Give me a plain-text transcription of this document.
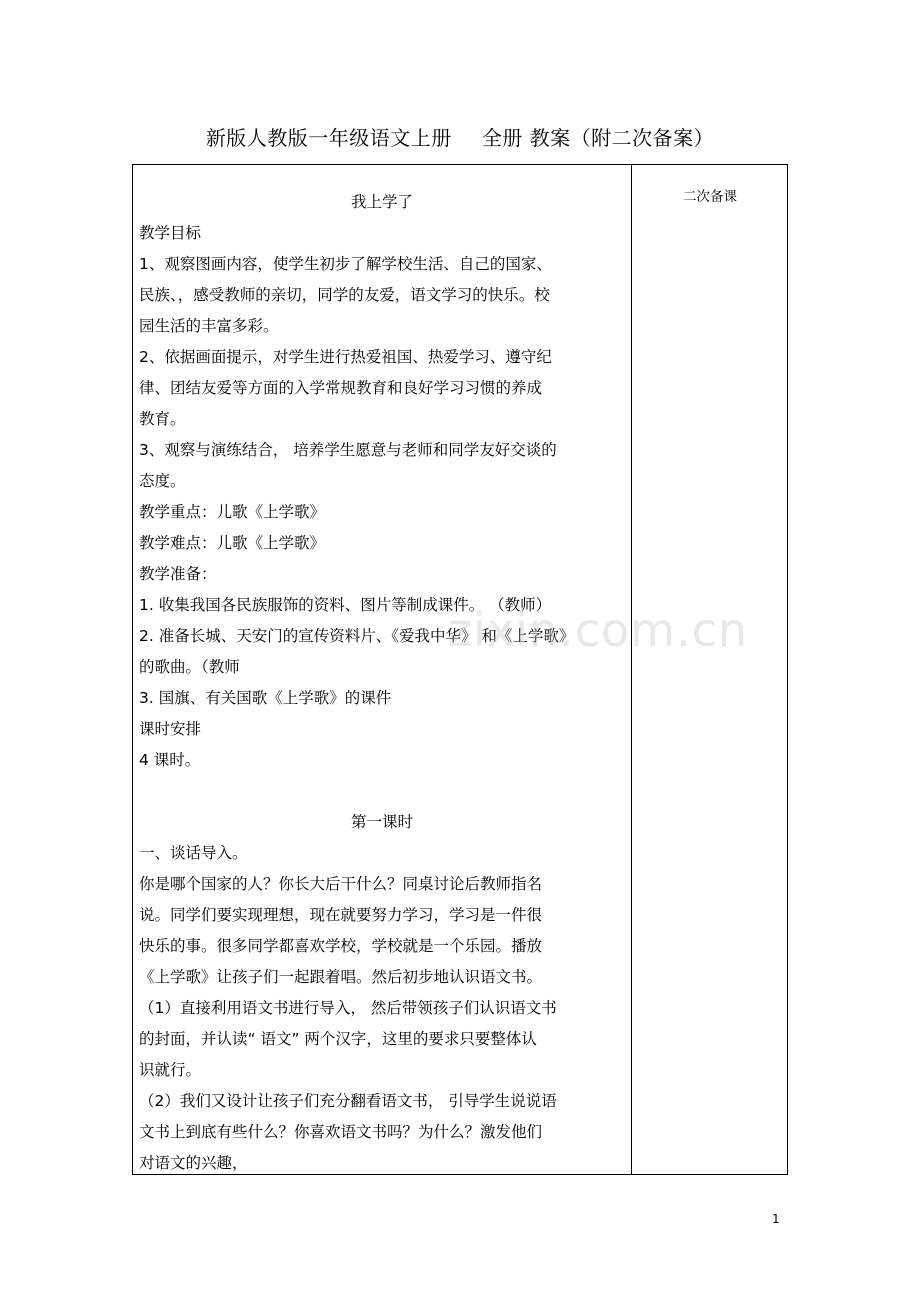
新版人教版一年级语文上册 全册 教案（附二次备案）

我上学了

教学目标

1、观察图画内容，使学生初步了解学校生活、自己的国家、

民族、，感受教师的亲切，同学的友爱，语文学习的快乐。校

园生活的丰富多彩。

2、依据画面提示，对学生进行热爱祖国、热爱学习、遵守纪

律、团结友爱等方面的入学常规教育和良好学习习惯的养成

教育。

3、观察与演练结合， 培养学生愿意与老师和同学友好交谈的

态度。

教学重点：儿歌《上学歌》

教学难点：儿歌《上学歌》

教学准备：

1. 收集我国各民族服饰的资料、图片等制成课件。 （教师）

2. 准备长城、天安门的宣传资料片、《爱我中华》 和《上学歌》

的歌曲。（教师

3. 国旗、有关国歌《上学歌》的课件

课时安排

4 课时。

第一课时

一、谈话导入。

你是哪个国家的人？你长大后干什么？同桌讨论后教师指名

说。同学们要实现理想，现在就要努力学习，学习是一件很

快乐的事。很多同学都喜欢学校，学校就是一个乐园。播放

《上学歌》让孩子们一起跟着唱。然后初步地认识语文书。

（1）直接利用语文书进行导入， 然后带领孩子们认识语文书

的封面，并认读“ 语文” 两个汉字，这里的要求只要整体认

识就行。

（2）我们又设计让孩子们充分翻看语文书， 引导学生说说语

文书上到底有些什么？你喜欢语文书吗？为什么？激发他们

对语文的兴趣，

二次备课
zixin.com.cn
1
